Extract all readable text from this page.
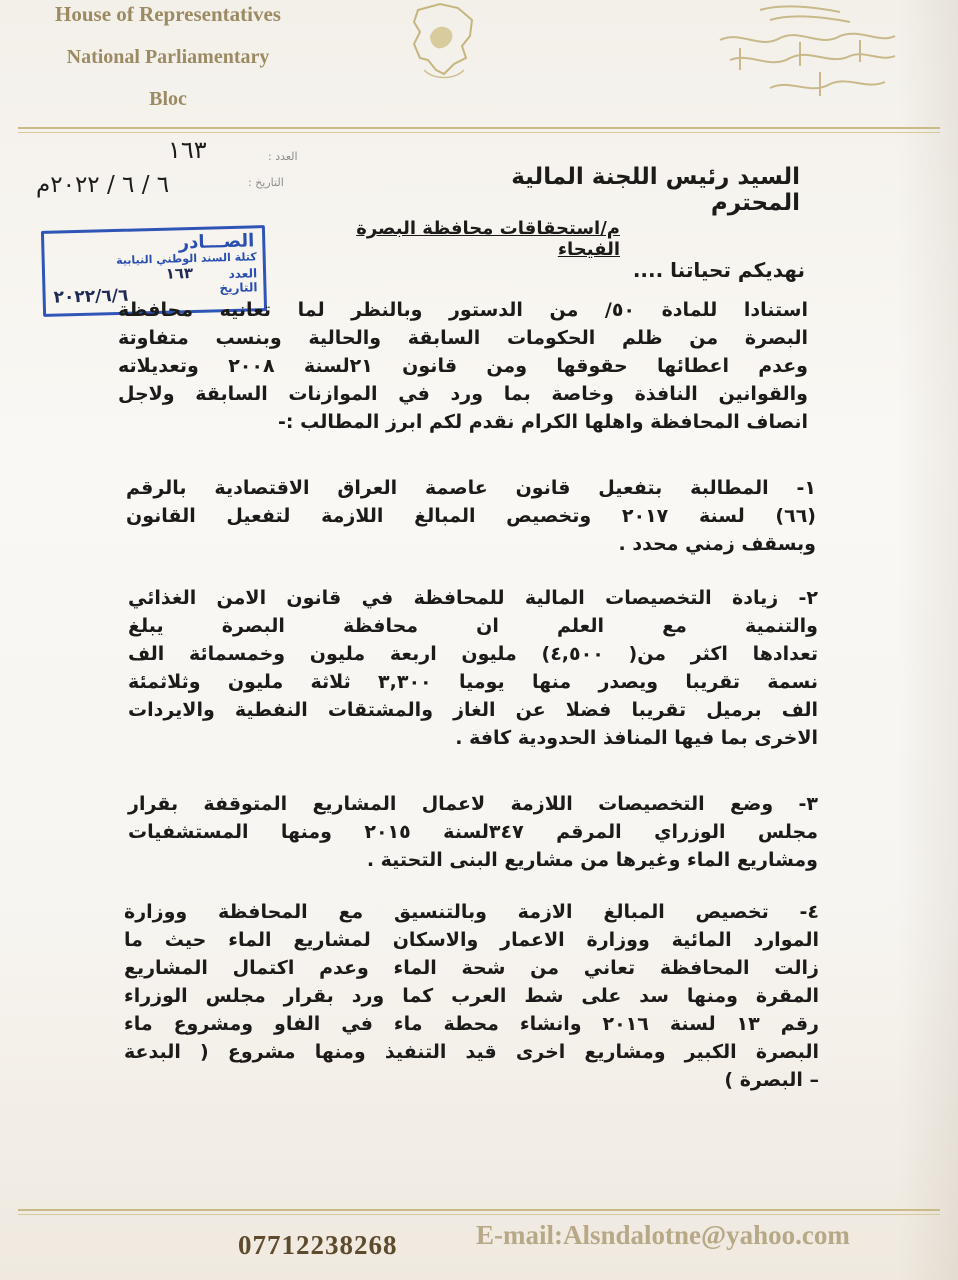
House of Representatives
National Parliamentary
Bloc
العدد :
التاريخ :
١٦٣
٦ / ٦ / ٢٠٢٢م	السيد رئيس اللجنة المالية المحترم
م/استحقاقات محافظة البصرة الفيحاء
نهديكم تحياتنا ....
الصـــادر
كتلة السند الوطني النيابية
العدد
التاريخ
٢٠٢٢/٦/٦
١٦٣
استنادا للمادة ٥٠/ من الدستور وبالنظر لما تعانيه محافظة
البصرة من ظلم الحكومات السابقة والحالية وبنسب متفاوتة
وعدم اعطائها حقوقها ومن قانون ٢١لسنة ٢٠٠٨ وتعديلاته
والقوانين النافذة وخاصة بما ورد في الموازنات السابقة ولاجل
انصاف المحافظة واهلها الكرام نقدم لكم ابرز المطالب :-
١- المطالبة بتفعيل قانون عاصمة العراق الاقتصادية بالرقم
(٦٦) لسنة ٢٠١٧ وتخصيص المبالغ اللازمة لتفعيل القانون
وبسقف زمني محدد .
٢- زيادة التخصيصات المالية للمحافظة في قانون الامن الغذائي
والتنمية مع العلم ان محافظة البصرة يبلغ
تعدادها اكثر من( ٤,٥٠٠) مليون اربعة مليون وخمسمائة الف
نسمة تقريبا ويصدر منها يوميا ٣,٣٠٠ ثلاثة مليون وثلاثمئة
الف برميل تقريبا فضلا عن الغاز والمشتقات النفطية والايردات
الاخرى بما فيها المنافذ الحدودية كافة .
٣- وضع التخصيصات اللازمة لاعمال المشاريع المتوقفة بقرار
مجلس الوزراي المرقم ٣٤٧لسنة ٢٠١٥ ومنها المستشفيات
ومشاريع الماء وغيرها من مشاريع البنى التحتية .
٤- تخصيص المبالغ الازمة وبالتنسيق مع المحافظة ووزارة
الموارد المائية ووزارة الاعمار والاسكان لمشاريع الماء حيث ما
زالت المحافظة تعاني من شحة الماء وعدم اكتمال المشاريع
المقرة ومنها سد على شط العرب كما ورد بقرار مجلس الوزراء
رقم ١٣ لسنة ٢٠١٦ وانشاء محطة ماء في الفاو ومشروع ماء
البصرة الكبير ومشاريع اخرى قيد التنفيذ ومنها مشروع ( البدعة
– البصرة )
07712238268	E-mail:Alsndalotne@yahoo.com
